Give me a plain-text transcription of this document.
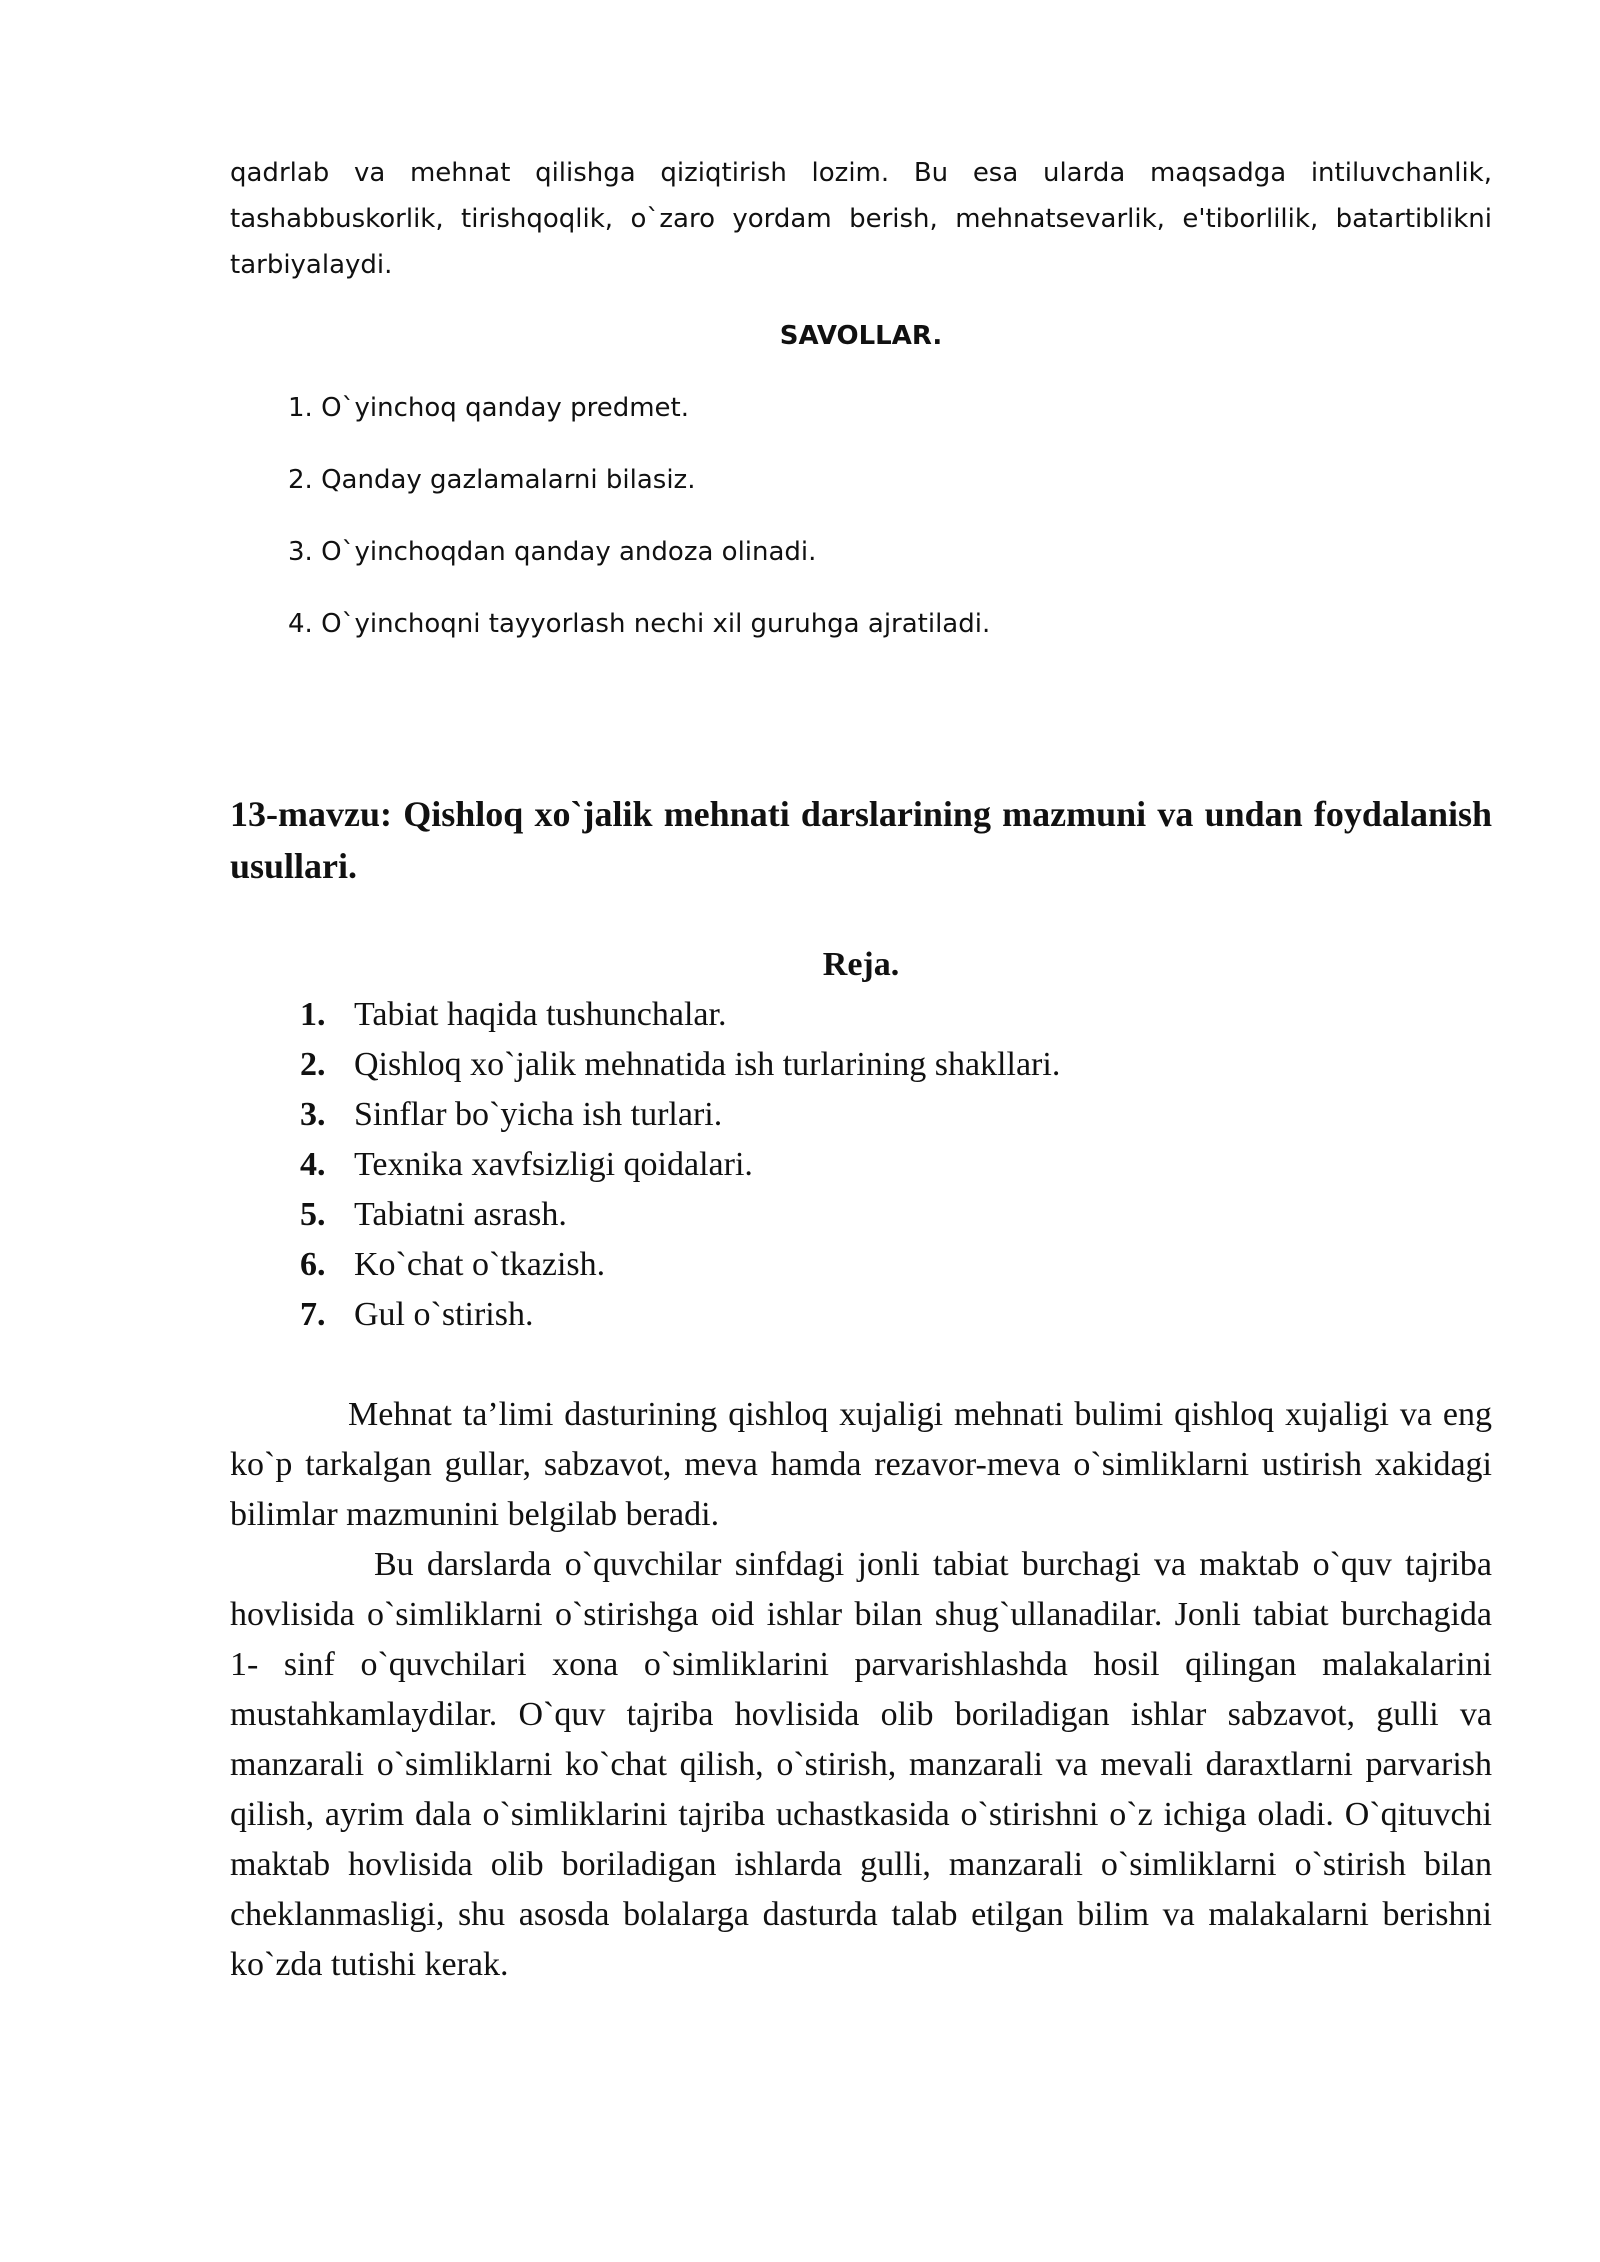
qadrlab va mehnat qilishga qiziqtirish lozim. Bu esa ularda maqsadga intiluvchanlik, tashabbuskorlik, tirishqoqlik, o`zaro yordam berish, mehnatsevarlik, e'tiborlilik, batartiblikni tarbiyalaydi.

SAVOLLAR.

1. O`yinchoq qanday predmet.
2. Qanday gazlamalarni bilasiz.
3. O`yinchoqdan qanday andoza olinadi.
4. O`yinchoqni tayyorlash nechi xil guruhga ajratiladi.

13-mavzu: Qishloq xo`jalik mehnati darslarining mazmuni va undan foydalanish usullari.

Reja.

1. Tabiat haqida tushunchalar.
2. Qishloq xo`jalik mehnatida ish turlarining shakllari.
3. Sinflar bo`yicha ish turlari.
4. Texnika xavfsizligi qoidalari.
5. Tabiatni asrash.
6. Ko`chat o`tkazish.
7. Gul o`stirish.

Mehnat ta’limi dasturining qishloq xujaligi mehnati bulimi qishloq xujaligi va eng ko`p tarkalgan gullar, sabzavot, meva hamda rezavor-meva o`simliklarni ustirish xakidagi bilimlar mazmunini belgilab beradi.

Bu darslarda o`quvchilar sinfdagi jonli tabiat burchagi va maktab o`quv tajriba hovlisida o`simliklarni o`stirishga oid ishlar bilan shug`ullanadilar. Jonli tabiat burchagida 1- sinf o`quvchilari xona o`simliklarini parvarishlashda hosil qilingan malakalarini mustahkamlaydilar. O`quv tajriba hovlisida olib boriladigan ishlar sabzavot, gulli va manzarali o`simliklarni ko`chat qilish, o`stirish, manzarali va mevali daraxtlarni parvarish qilish, ayrim dala o`simliklarini tajriba uchastkasida o`stirishni o`z ichiga oladi. O`qituvchi maktab hovlisida olib boriladigan ishlarda gulli, manzarali o`simliklarni o`stirish bilan cheklanmasligi, shu asosda bolalarga dasturda talab etilgan bilim va malakalarni berishni ko`zda tutishi kerak.
